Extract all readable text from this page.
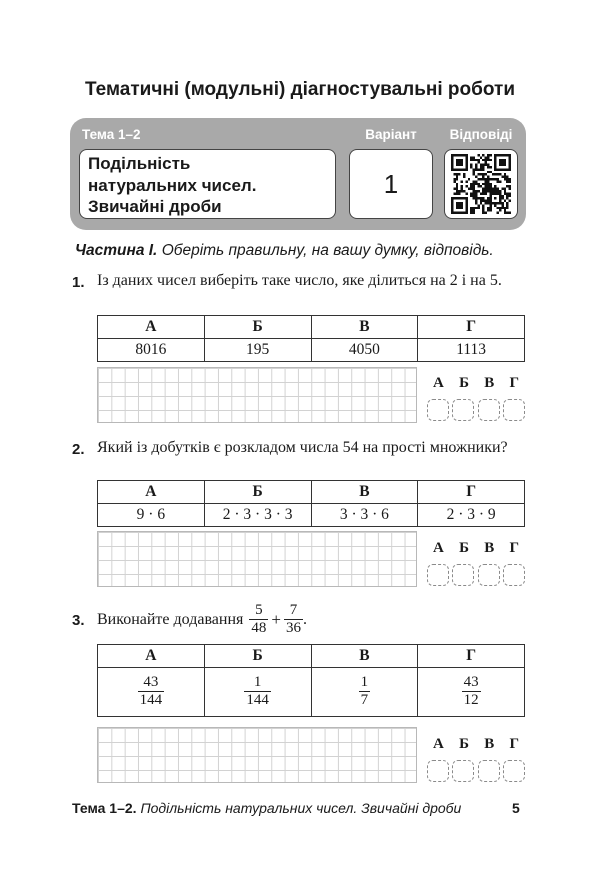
Тематичні (модульні) діагностувальні роботи
Тема 1–2	Варіант	Відповіді
Подільність
натуральних чисел.
Звичайні дроби
1
Частина I. Оберіть правильну, на вашу думку, відповідь.
1. Із даних чисел виберіть таке число, яке ділиться на 2 і на 5.
А	Б	В	Г
8016	195	4050	1113
А Б В Г
2. Який із добутків є розкладом числа 54 на прості множники?
А	Б	В	Г
9 · 6	2 · 3 · 3 · 3	3 · 3 · 6	2 · 3 · 9
А Б В Г
3. Виконайте додавання $\frac{5}{48} + \frac{7}{36}$ .
А	Б	В	Г

$\frac{43}{144}$	$\frac{1}{144}$	$\frac{1}{7}$	$\frac{43}{12}$
А Б В Г
Тема 1–2. Подільність натуральних чисел. Звичайні дроби	5
